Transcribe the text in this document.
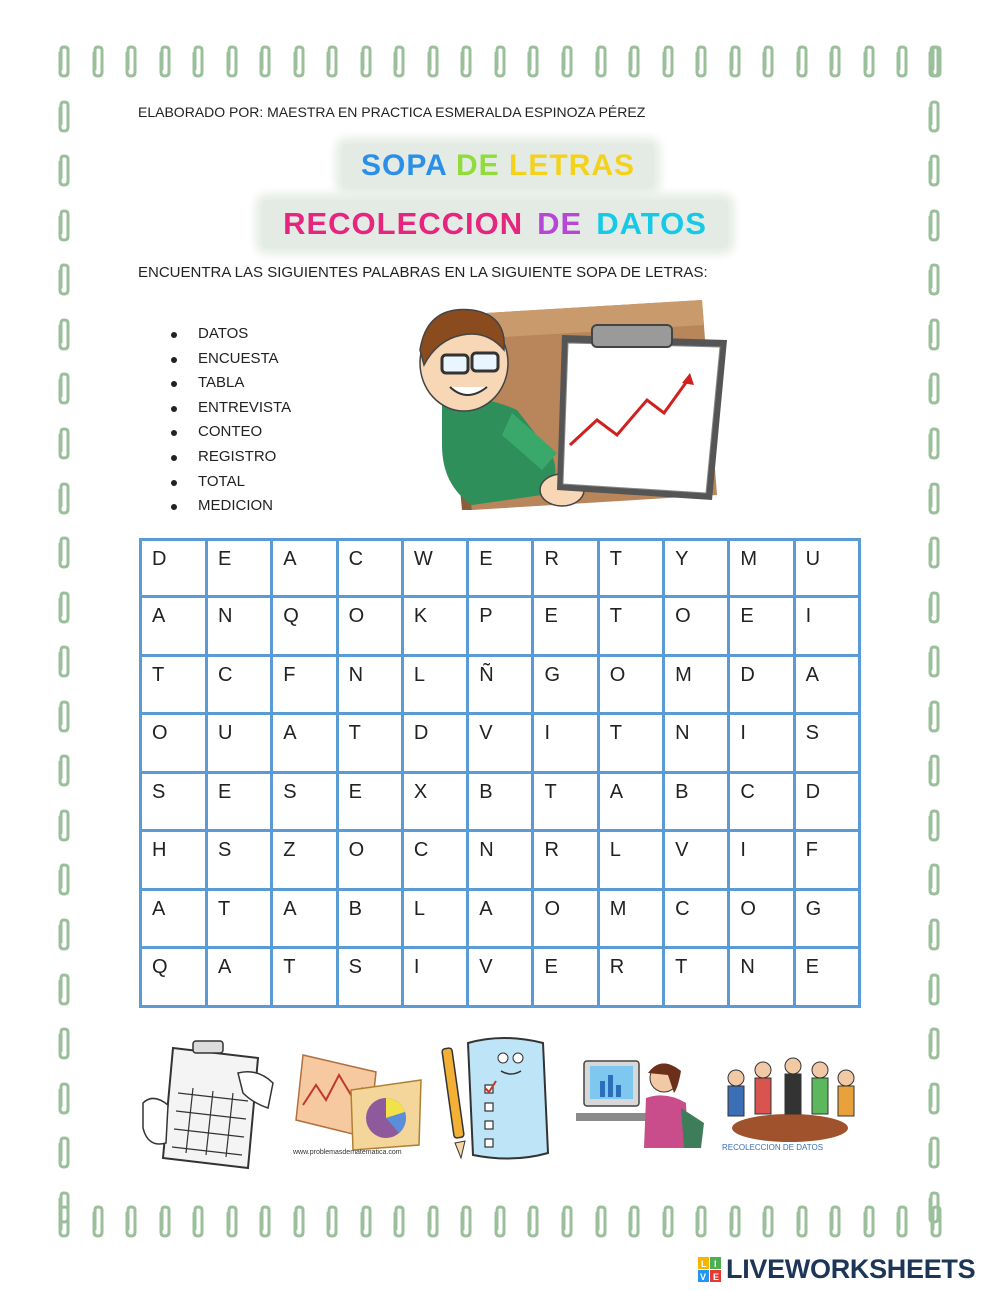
ELABORADO POR: MAESTRA EN PRACTICA ESMERALDA ESPINOZA PÉREZ
SOPA DE LETRAS
RECOLECCION DE DATOS
ENCUENTRA LAS SIGUIENTES PALABRAS EN LA SIGUIENTE SOPA DE LETRAS:
DATOS
ENCUESTA
TABLA
ENTREVISTA
CONTEO
REGISTRO
TOTAL
MEDICION
D	E	A	C	W	E	R	T	Y	M	U
A	N	Q	O	K	P	E	T	O	E	I
T	C	F	N	L	Ñ	G	O	M	D	A
O	U	A	T	D	V	I	T	N	I	S
S	E	S	E	X	B	T	A	B	C	D
H	S	Z	O	C	N	R	L	V	I	F
A	T	A	B	L	A	O	M	C	O	G
Q	A	T	S	I	V	E	R	T	N	E
www.problemasdematematica.com
RECOLECCION DE DATOS
L I
V E LIVEWORKSHEETS
